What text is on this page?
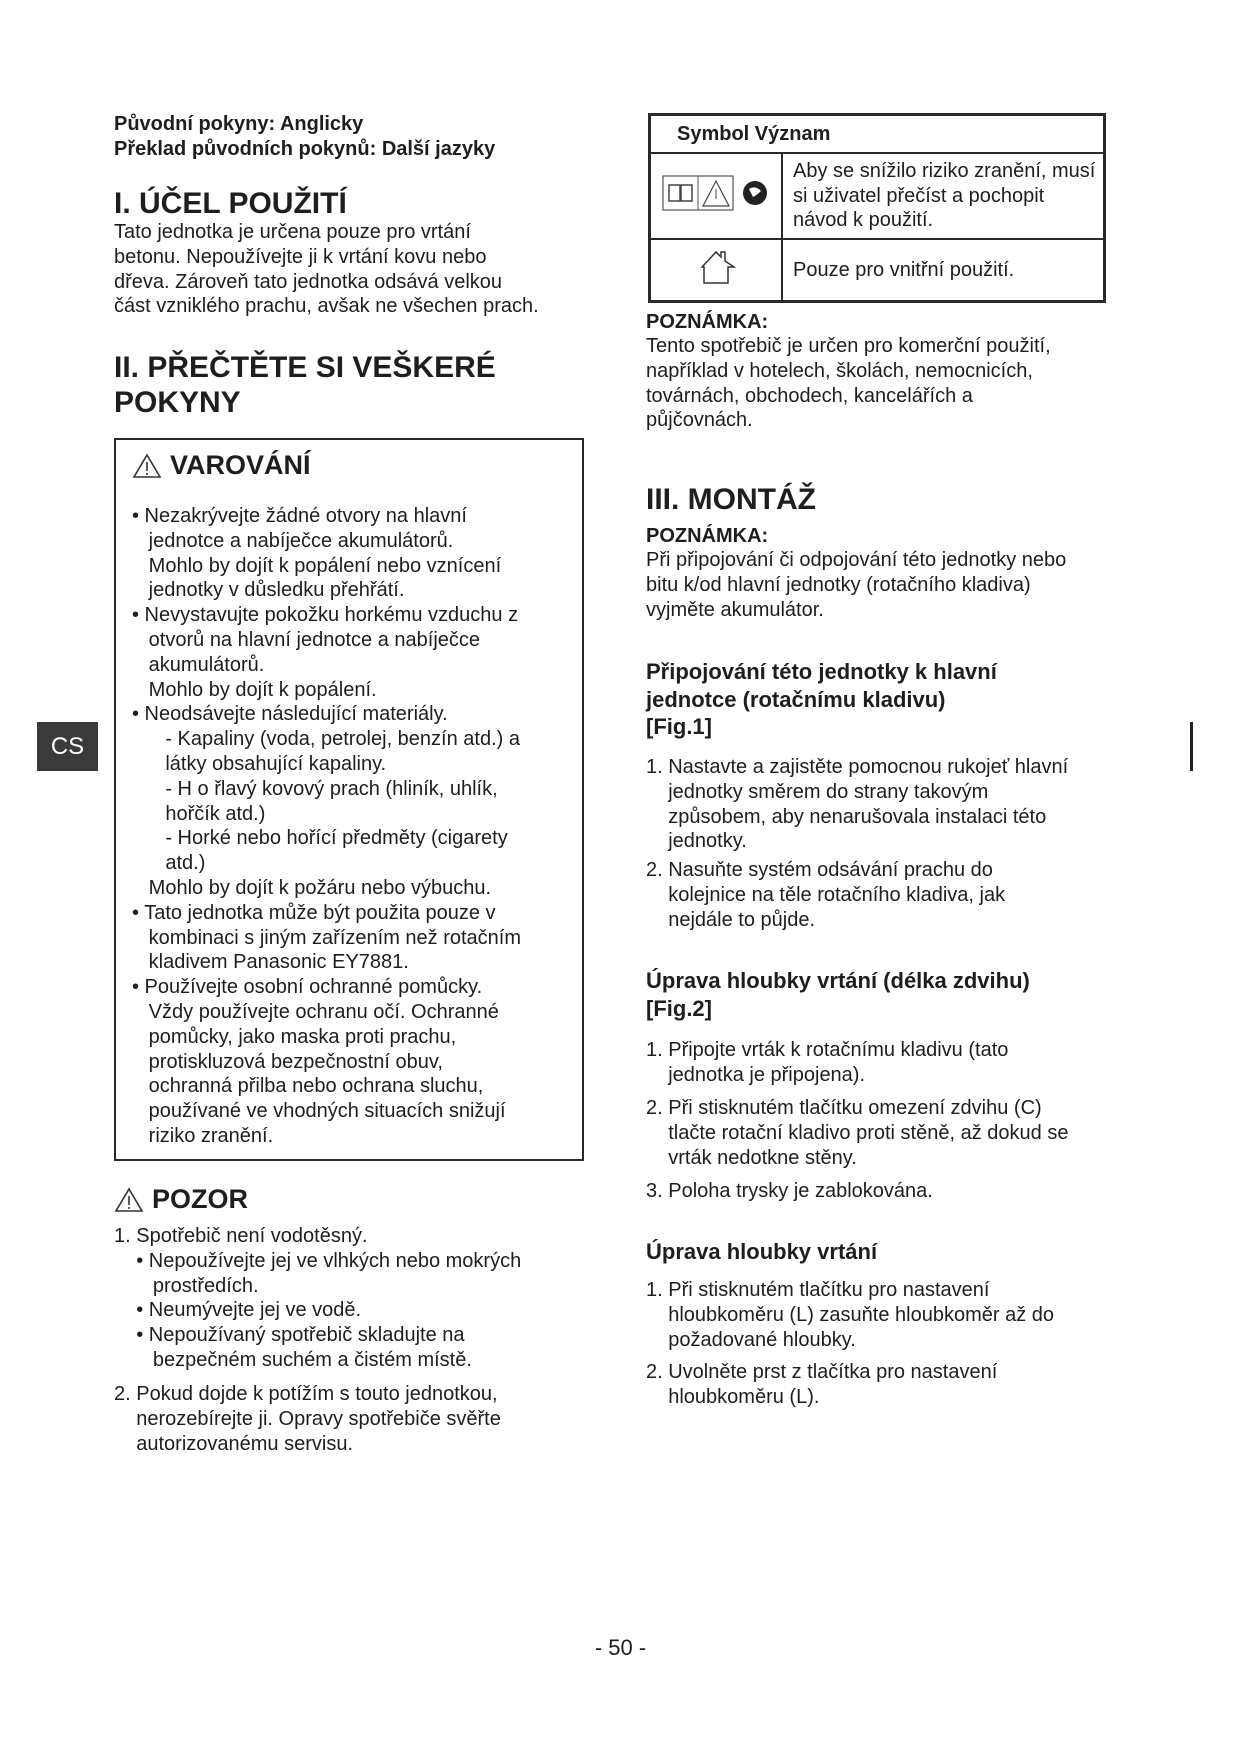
Původní pokyny: Anglicky
Překlad původních pokynů: Další jazyky
I. ÚČEL POUŽITÍ
Tato jednotka je určena pouze pro vrtání
betonu. Nepoužívejte ji k vrtání kovu nebo
dřeva. Zároveň tato jednotka odsává velkou
část vzniklého prachu, avšak ne všechen prach.
II. PŘEČTĚTE SI VEŠKERÉ
POKYNY
VAROVÁNÍ
• Nezakrývejte žádné otvory na hlavní
jednotce a nabíječce akumulátorů.
Mohlo by dojít k popálení nebo vznícení
jednotky v důsledku přehřátí.
• Nevystavujte pokožku horkému vzduchu z
otvorů na hlavní jednotce a nabíječce
akumulátorů.
Mohlo by dojít k popálení.
• Neodsávejte následující materiály.
- Kapaliny (voda, petrolej, benzín atd.) a
látky obsahující kapaliny.
- H o řlavý kovový prach (hliník, uhlík,
hořčík atd.)
- Horké nebo hořící předměty (cigarety
atd.)
Mohlo by dojít k požáru nebo výbuchu.
• Tato jednotka může být použita pouze v
kombinaci s jiným zařízením než rotačním
kladivem Panasonic EY7881.
• Používejte osobní ochranné pomůcky.
Vždy používejte ochranu očí. Ochranné
pomůcky, jako maska proti prachu,
protiskluzová bezpečnostní obuv,
ochranná přilba nebo ochrana sluchu,
používané ve vhodných situacích snižují
riziko zranění.
POZOR
1. Spotřebič není vodotěsný.
• Nepoužívejte jej ve vlhkých nebo mokrých
prostředích.
• Neumývejte jej ve vodě.
• Nepoužívaný spotřebič skladujte na
bezpečném suchém a čistém místě.
2. Pokud dojde k potížím s touto jednotkou,
nerozebírejte ji. Opravy spotřebiče svěřte
autorizovanému servisu.
CS
Symbol Význam	

Aby se snížilo riziko zranění, musí
si uživatel přečíst a pochopit
návod k použití.

	Pouze pro vnitřní použití.
POZNÁMKA:
Tento spotřebič je určen pro komerční použití,
například v hotelech, školách, nemocnicích,
továrnách, obchodech, kancelářích a
půjčovnách.
III. MONTÁŽ
POZNÁMKA:
Při připojování či odpojování této jednotky nebo
bitu k/od hlavní jednotky (rotačního kladiva)
vyjměte akumulátor.
Připojování této jednotky k hlavní
jednotce (rotačnímu kladivu)
[Fig.1]
1. Nastavte a zajistěte pomocnou rukojeť hlavní
jednotky směrem do strany takovým
způsobem, aby nenarušovala instalaci této
jednotky.
2. Nasuňte systém odsávání prachu do
kolejnice na těle rotačního kladiva, jak
nejdále to půjde.
Úprava hloubky vrtání (délka zdvihu)
[Fig.2]
1. Připojte vrták k rotačnímu kladivu (tato
jednotka je připojena).
2. Při stisknutém tlačítku omezení zdvihu (C)
tlačte rotační kladivo proti stěně, až dokud se
vrták nedotkne stěny.
3. Poloha trysky je zablokována.
Úprava hloubky vrtání
1. Při stisknutém tlačítku pro nastavení
hloubkoměru (L) zasuňte hloubkoměr až do
požadované hloubky.
2. Uvolněte prst z tlačítka pro nastavení
hloubkoměru (L).
- 50 -
